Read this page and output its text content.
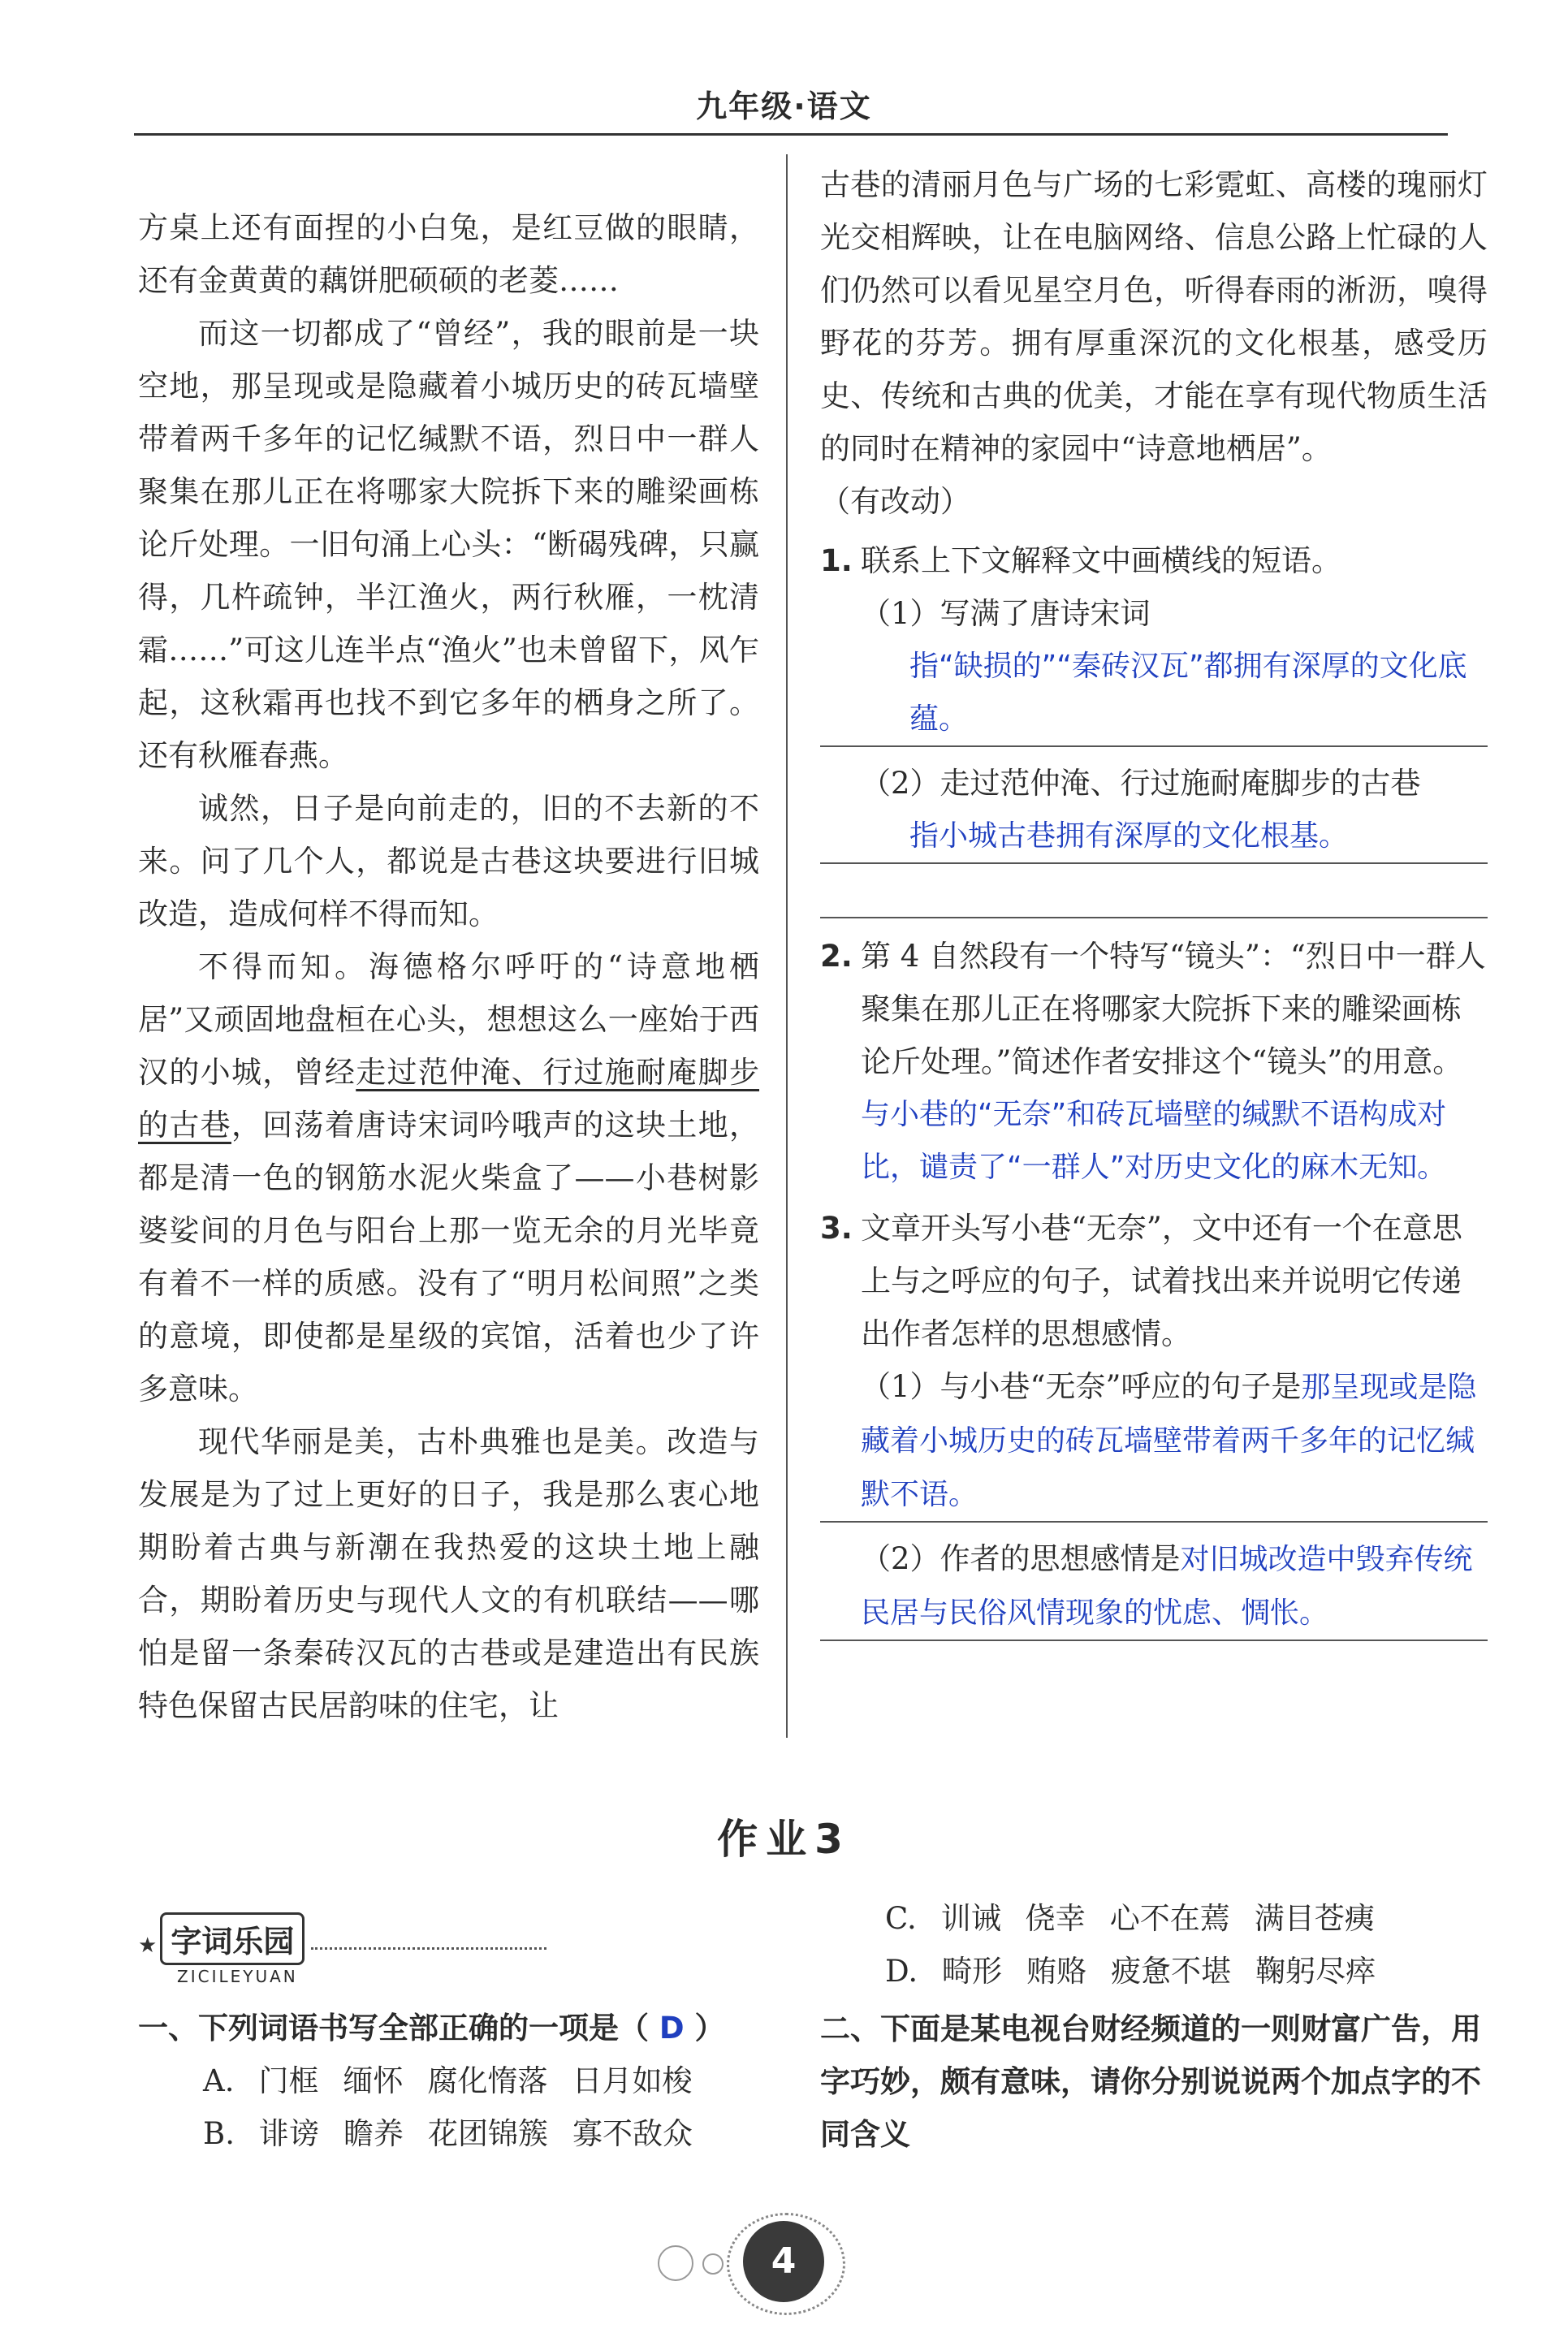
九年级·语文

方桌上还有面捏的小白兔，是红豆做的眼睛，还有金黄黄的藕饼肥硕硕的老菱……

而这一切都成了“曾经”，我的眼前是一块空地，那呈现或是隐藏着小城历史的砖瓦墙壁带着两千多年的记忆缄默不语，烈日中一群人聚集在那儿正在将哪家大院拆下来的雕梁画栋论斤处理。一旧句涌上心头：“断碣残碑，只赢得，几杵疏钟，半江渔火，两行秋雁，一枕清霜……”可这儿连半点“渔火”也未曾留下，风乍起，这秋霜再也找不到它多年的栖身之所了。还有秋雁春燕。

诚然，日子是向前走的，旧的不去新的不来。问了几个人，都说是古巷这块要进行旧城改造，造成何样不得而知。

不得而知。海德格尔呼吁的“诗意地栖居”又顽固地盘桓在心头，想想这么一座始于西汉的小城，曾经走过范仲淹、行过施耐庵脚步的古巷，回荡着唐诗宋词吟哦声的这块土地，都是清一色的钢筋水泥火柴盒了——小巷树影婆娑间的月色与阳台上那一览无余的月光毕竟有着不一样的质感。没有了“明月松间照”之类的意境，即使都是星级的宾馆，活着也少了许多意味。

现代华丽是美，古朴典雅也是美。改造与发展是为了过上更好的日子，我是那么衷心地期盼着古典与新潮在我热爱的这块土地上融合，期盼着历史与现代人文的有机联结——哪怕是留一条秦砖汉瓦的古巷或是建造出有民族特色保留古民居韵味的住宅，让

古巷的清丽月色与广场的七彩霓虹、高楼的瑰丽灯光交相辉映，让在电脑网络、信息公路上忙碌的人们仍然可以看见星空月色，听得春雨的淅沥，嗅得野花的芬芳。拥有厚重深沉的文化根基，感受历史、传统和古典的优美，才能在享有现代物质生活的同时在精神的家园中“诗意地栖居”。

（有改动）

1. 联系上下文解释文中画横线的短语。
（1）写满了唐诗宋词
指“缺损的”“秦砖汉瓦”都拥有深厚的文化底蕴。
（2）走过范仲淹、行过施耐庵脚步的古巷
指小城古巷拥有深厚的文化根基。
2. 第 4 自然段有一个特写“镜头”：“烈日中一群人聚集在那儿正在将哪家大院拆下来的雕梁画栋论斤处理。”简述作者安排这个“镜头”的用意。
与小巷的“无奈”和砖瓦墙壁的缄默不语构成对比，谴责了“一群人”对历史文化的麻木无知。
3. 文章开头写小巷“无奈”，文中还有一个在意思上与之呼应的句子，试着找出来并说明它传递出作者怎样的思想感情。
（1）与小巷“无奈”呼应的句子是那呈现或是隐藏着小城历史的砖瓦墙壁带着两千多年的记忆缄默不语。
（2）作者的思想感情是对旧城改造中毁弃传统民居与民俗风情现象的忧虑、惆怅。
作业3
★ 字词乐园
ZICILEYUAN
一、下列词语书写全部正确的一项是（ D ）
A. 门框 缅怀 腐化惰落 日月如梭
B. 诽谤 瞻养 花团锦簇 寡不敌众
C. 训诫 侥幸 心不在蔫 满目苍痍
D. 畸形 贿赂 疲惫不堪 鞠躬尽瘁
二、下面是某电视台财经频道的一则财富广告，用字巧妙，颇有意味，请你分别说说两个加点字的不同含义
4
